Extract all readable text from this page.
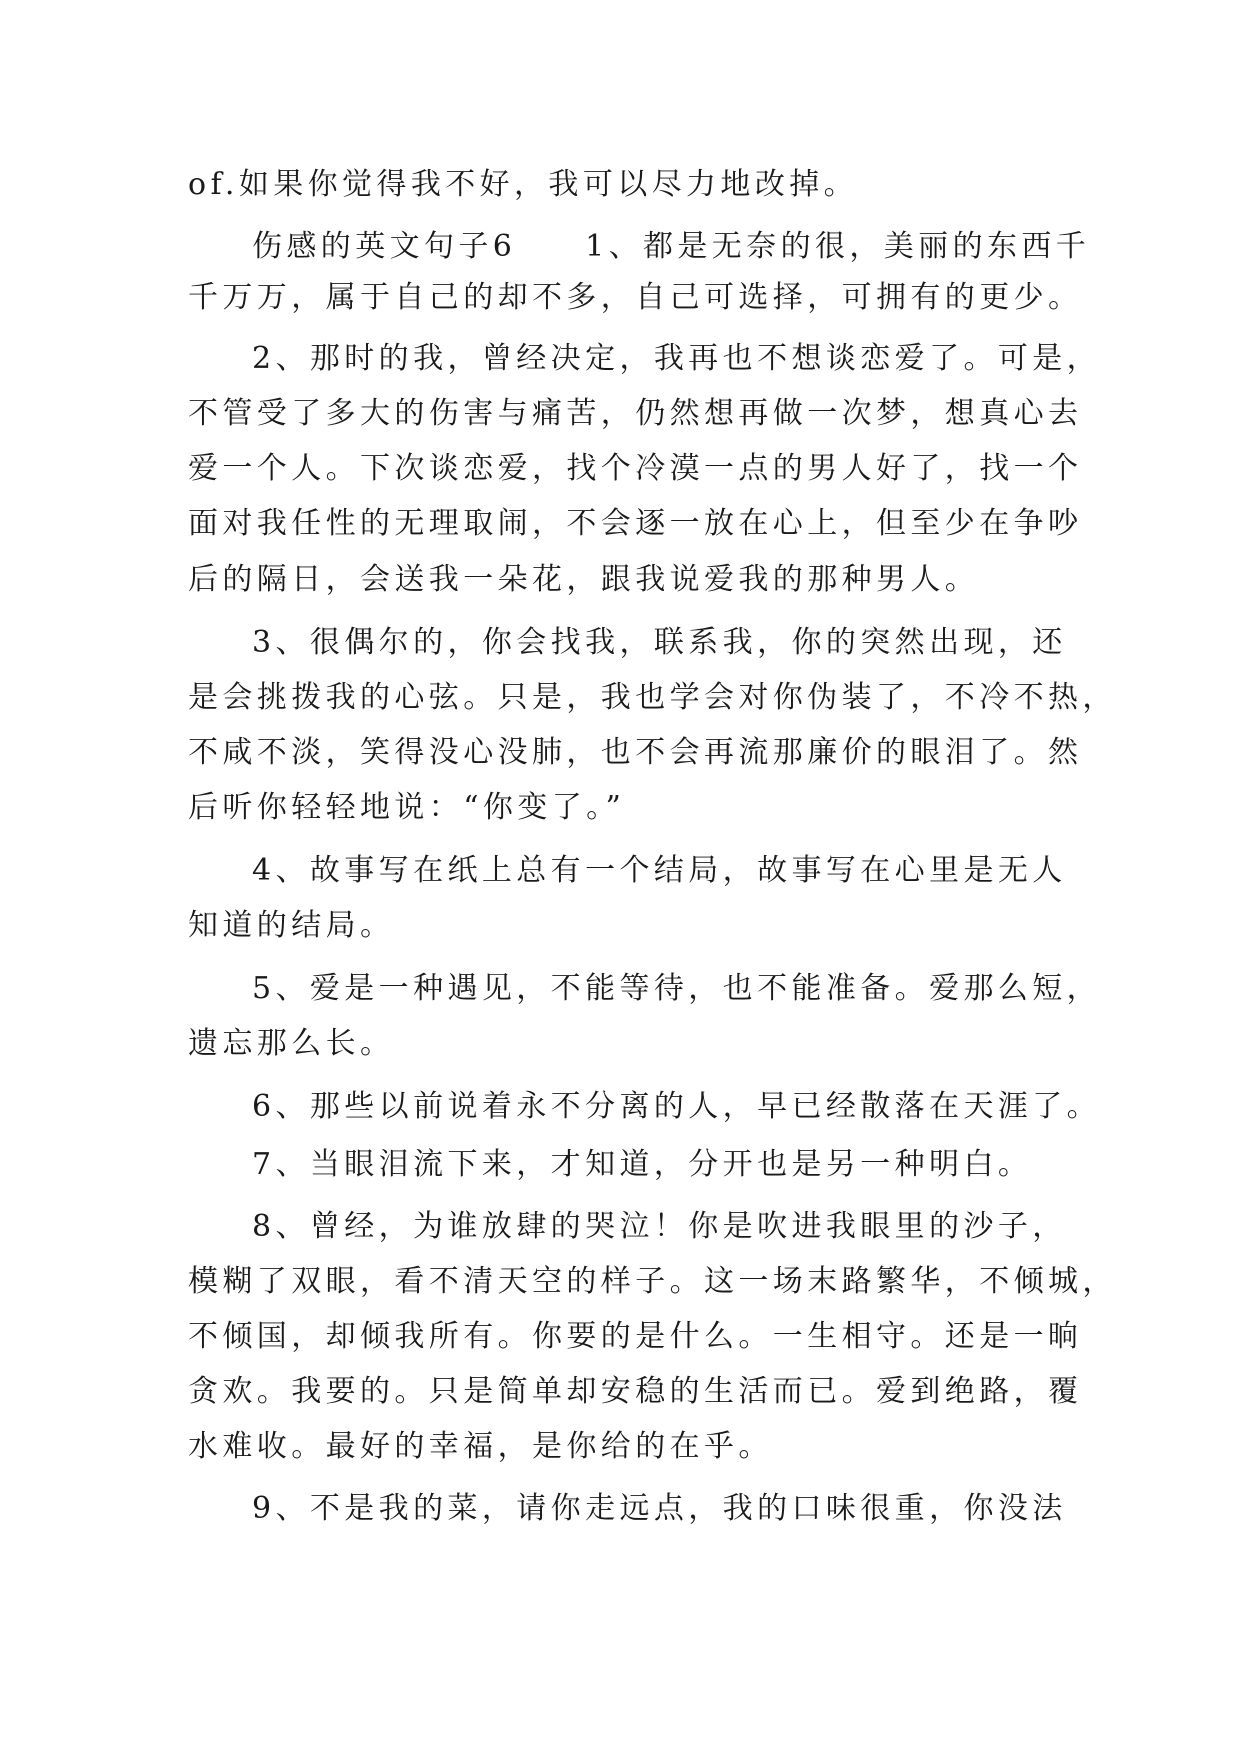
of.如果你觉得我不好，我可以尽力地改掉。
伤感的英文句子6　　1、都是无奈的很，美丽的东西千
千万万，属于自己的却不多，自己可选择，可拥有的更少。
2、那时的我，曾经决定，我再也不想谈恋爱了。可是，
不管受了多大的伤害与痛苦，仍然想再做一次梦，想真心去
爱一个人。下次谈恋爱，找个冷漠一点的男人好了，找一个
面对我任性的无理取闹，不会逐一放在心上，但至少在争吵
后的隔日，会送我一朵花，跟我说爱我的那种男人。
3、很偶尔的，你会找我，联系我，你的突然出现，还
是会挑拨我的心弦。只是，我也学会对你伪装了，不冷不热，
不咸不淡，笑得没心没肺，也不会再流那廉价的眼泪了。然
后听你轻轻地说：“你变了。”
4、故事写在纸上总有一个结局，故事写在心里是无人
知道的结局。
5、爱是一种遇见，不能等待，也不能准备。爱那么短，
遗忘那么长。
6、那些以前说着永不分离的人，早已经散落在天涯了。
7、当眼泪流下来，才知道，分开也是另一种明白。
8、曾经，为谁放肆的哭泣！你是吹进我眼里的沙子，
模糊了双眼，看不清天空的样子。这一场末路繁华，不倾城，
不倾国，却倾我所有。你要的是什么。一生相守。还是一晌
贪欢。我要的。只是简单却安稳的生活而已。爱到绝路，覆
水难收。最好的幸福，是你给的在乎。
9、不是我的菜，请你走远点，我的口味很重，你没法
